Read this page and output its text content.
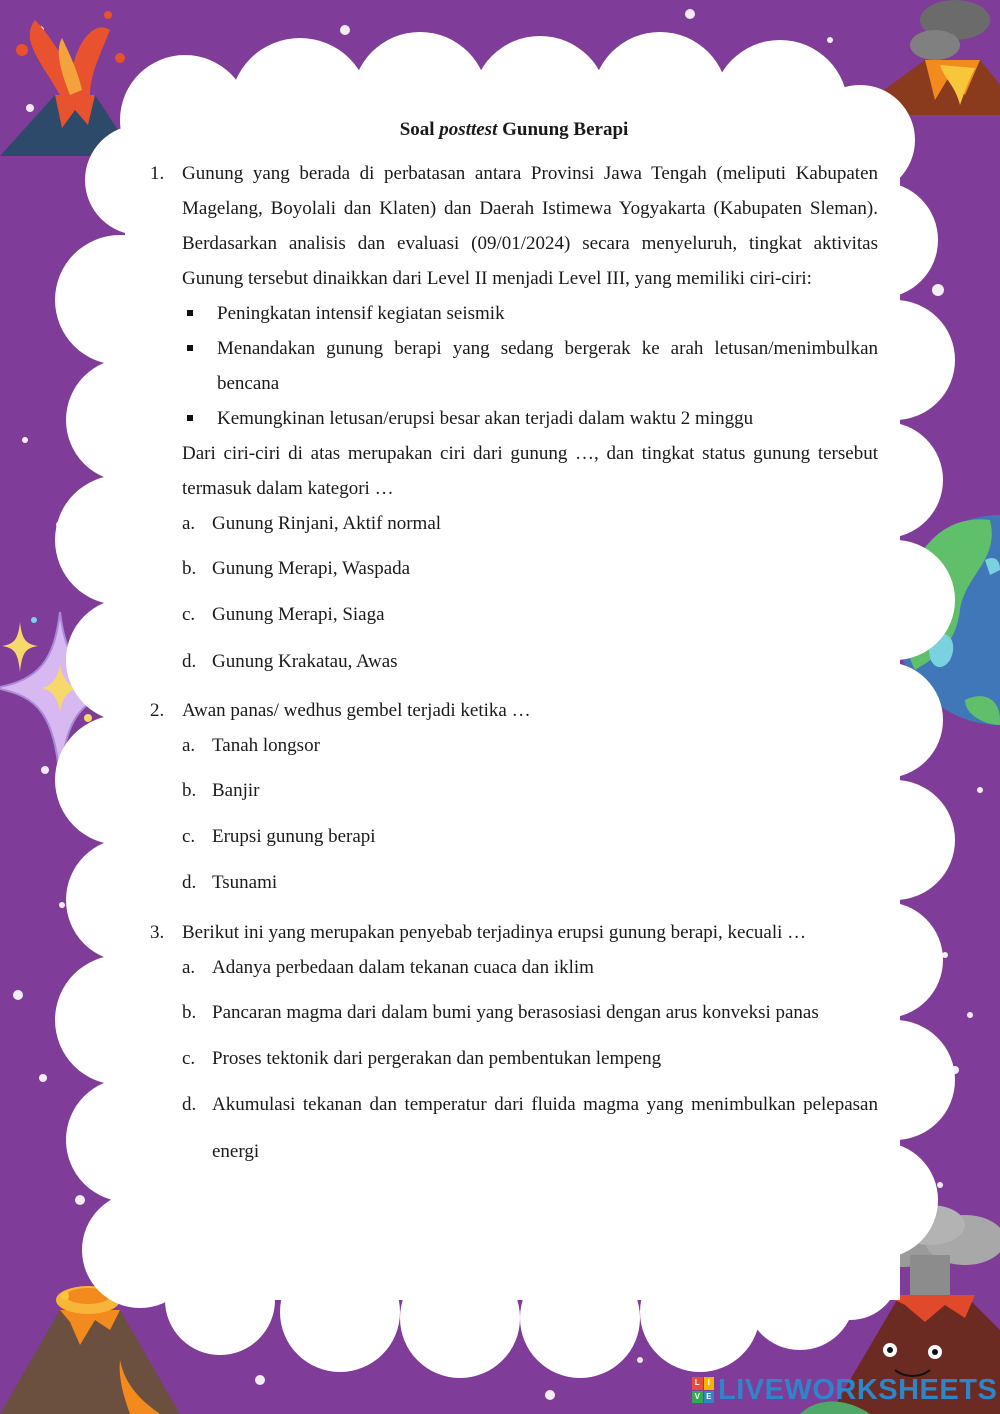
Soal posttest Gunung Berapi
1. Gunung yang berada di perbatasan antara Provinsi Jawa Tengah (meliputi Kabupaten Magelang, Boyolali dan Klaten) dan Daerah Istimewa Yogyakarta (Kabupaten Sleman). Berdasarkan analisis dan evaluasi (09/01/2024) secara menyeluruh, tingkat aktivitas Gunung tersebut dinaikkan dari Level II menjadi Level III, yang memiliki ciri-ciri:
Peningkatan intensif kegiatan seismik
Menandakan gunung berapi yang sedang bergerak ke arah letusan/menimbulkan bencana
Kemungkinan letusan/erupsi besar akan terjadi dalam waktu 2 minggu
Dari ciri-ciri di atas merupakan ciri dari gunung …, dan tingkat status gunung tersebut termasuk dalam kategori …
a. Gunung Rinjani, Aktif normal
b. Gunung Merapi, Waspada
c. Gunung Merapi, Siaga
d. Gunung Krakatau, Awas
2. Awan panas/ wedhus gembel terjadi ketika …
a. Tanah longsor
b. Banjir
c. Erupsi gunung berapi
d. Tsunami
3. Berikut ini yang merupakan penyebab terjadinya erupsi gunung berapi, kecuali …
a. Adanya perbedaan dalam tekanan cuaca dan iklim
b. Pancaran magma dari dalam bumi yang berasosiasi dengan arus konveksi panas
c. Proses tektonik dari pergerakan dan pembentukan lempeng
d. Akumulasi tekanan dan temperatur dari fluida magma yang menimbulkan pelepasan energi
L I
V E LIVEWORKSHEETS
